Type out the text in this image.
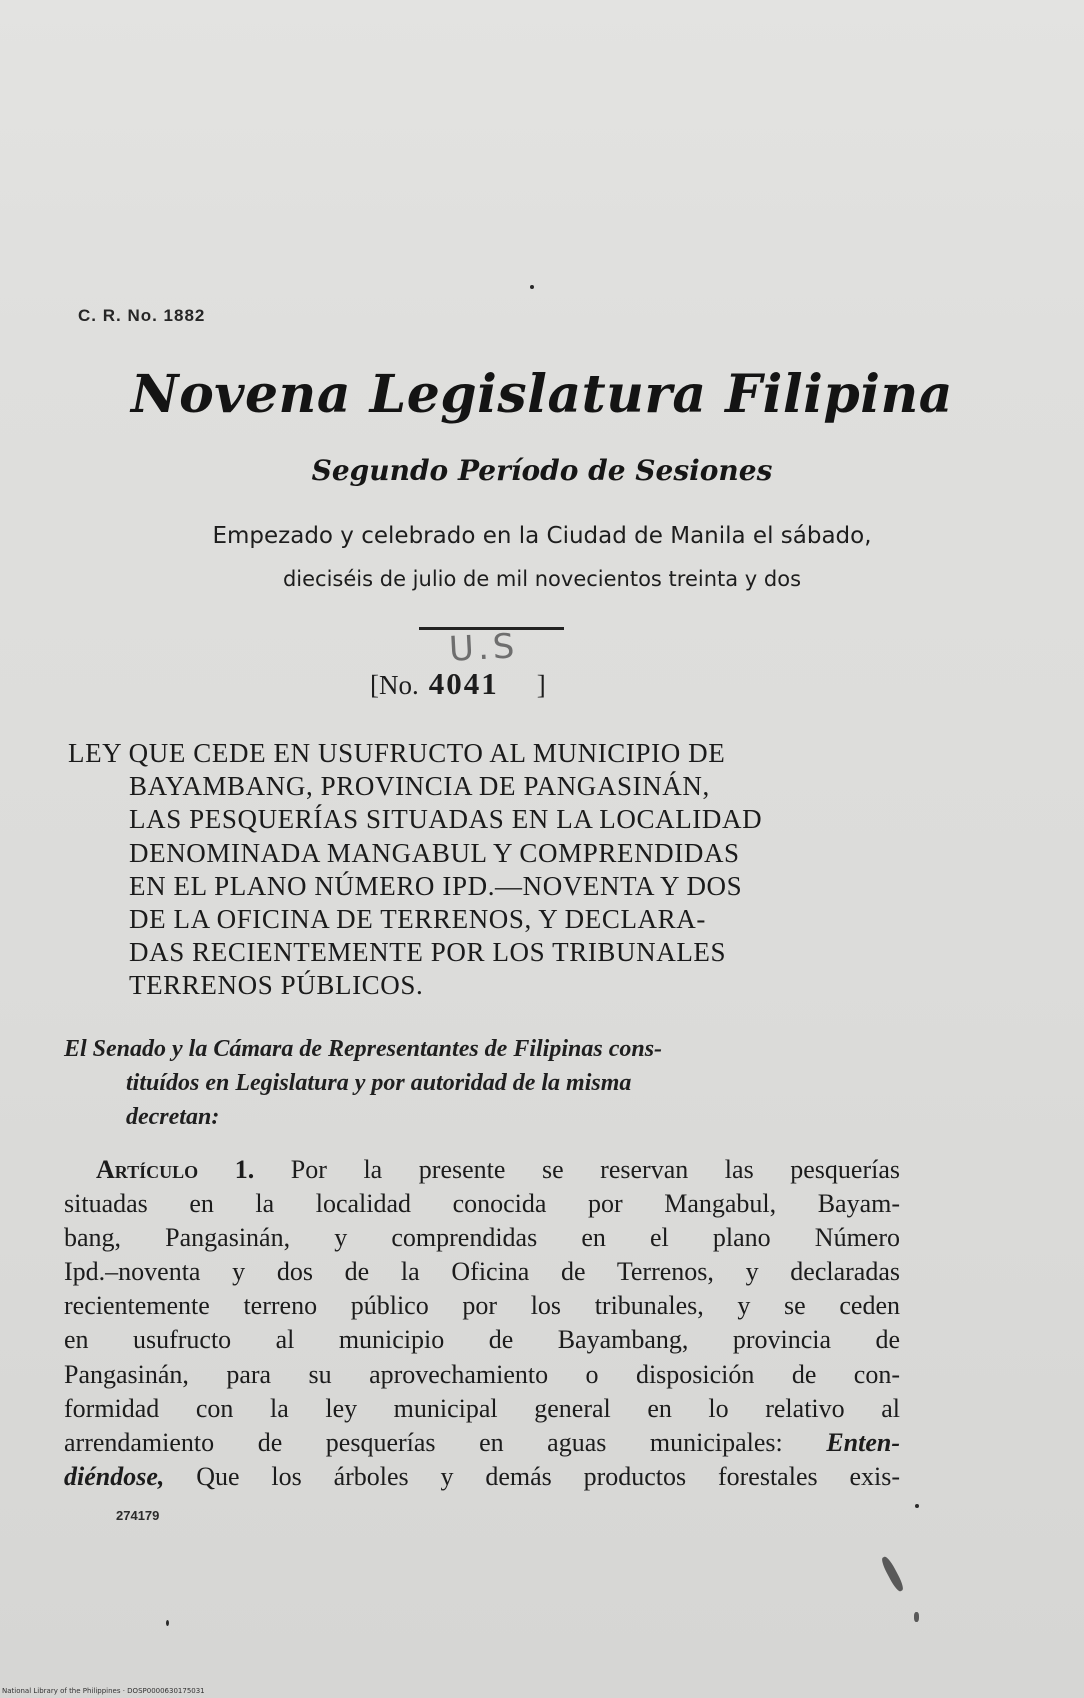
C. R. No. 1882
Novena Legislatura Filipina
Segundo Período de Sesiones
Empezado y celebrado en la Ciudad de Manila el sábado,
dieciséis de julio de mil novecientos treinta y dos
U.S
[No. 4041 ]
LEY QUE CEDE EN USUFRUCTO AL MUNICIPIO DE
BAYAMBANG, PROVINCIA DE PANGASINÁN,
LAS PESQUERÍAS SITUADAS EN LA LOCALIDAD
DENOMINADA MANGABUL Y COMPRENDIDAS
EN EL PLANO NÚMERO IPD.—NOVENTA Y DOS
DE LA OFICINA DE TERRENOS, Y DECLARA-
DAS RECIENTEMENTE POR LOS TRIBUNALES
TERRENOS PÚBLICOS.
El Senado y la Cámara de Representantes de Filipinas cons-
tituídos en Legislatura y por autoridad de la misma
decretan:
Artículo 1. Por la presente se reservan las pesquerías
situadas en la localidad conocida por Mangabul, Bayam-
bang, Pangasinán, y comprendidas en el plano Número
Ipd.–noventa y dos de la Oficina de Terrenos, y declaradas
recientemente terreno público por los tribunales, y se ceden
en usufructo al municipio de Bayambang, provincia de
Pangasinán, para su aprovechamiento o disposición de con-
formidad con la ley municipal general en lo relativo al
arrendamiento de pesquerías en aguas municipales: Enten-
diéndose, Que los árboles y demás productos forestales exis-
274179
National Library of the Philippines · DOSP0000630175031
